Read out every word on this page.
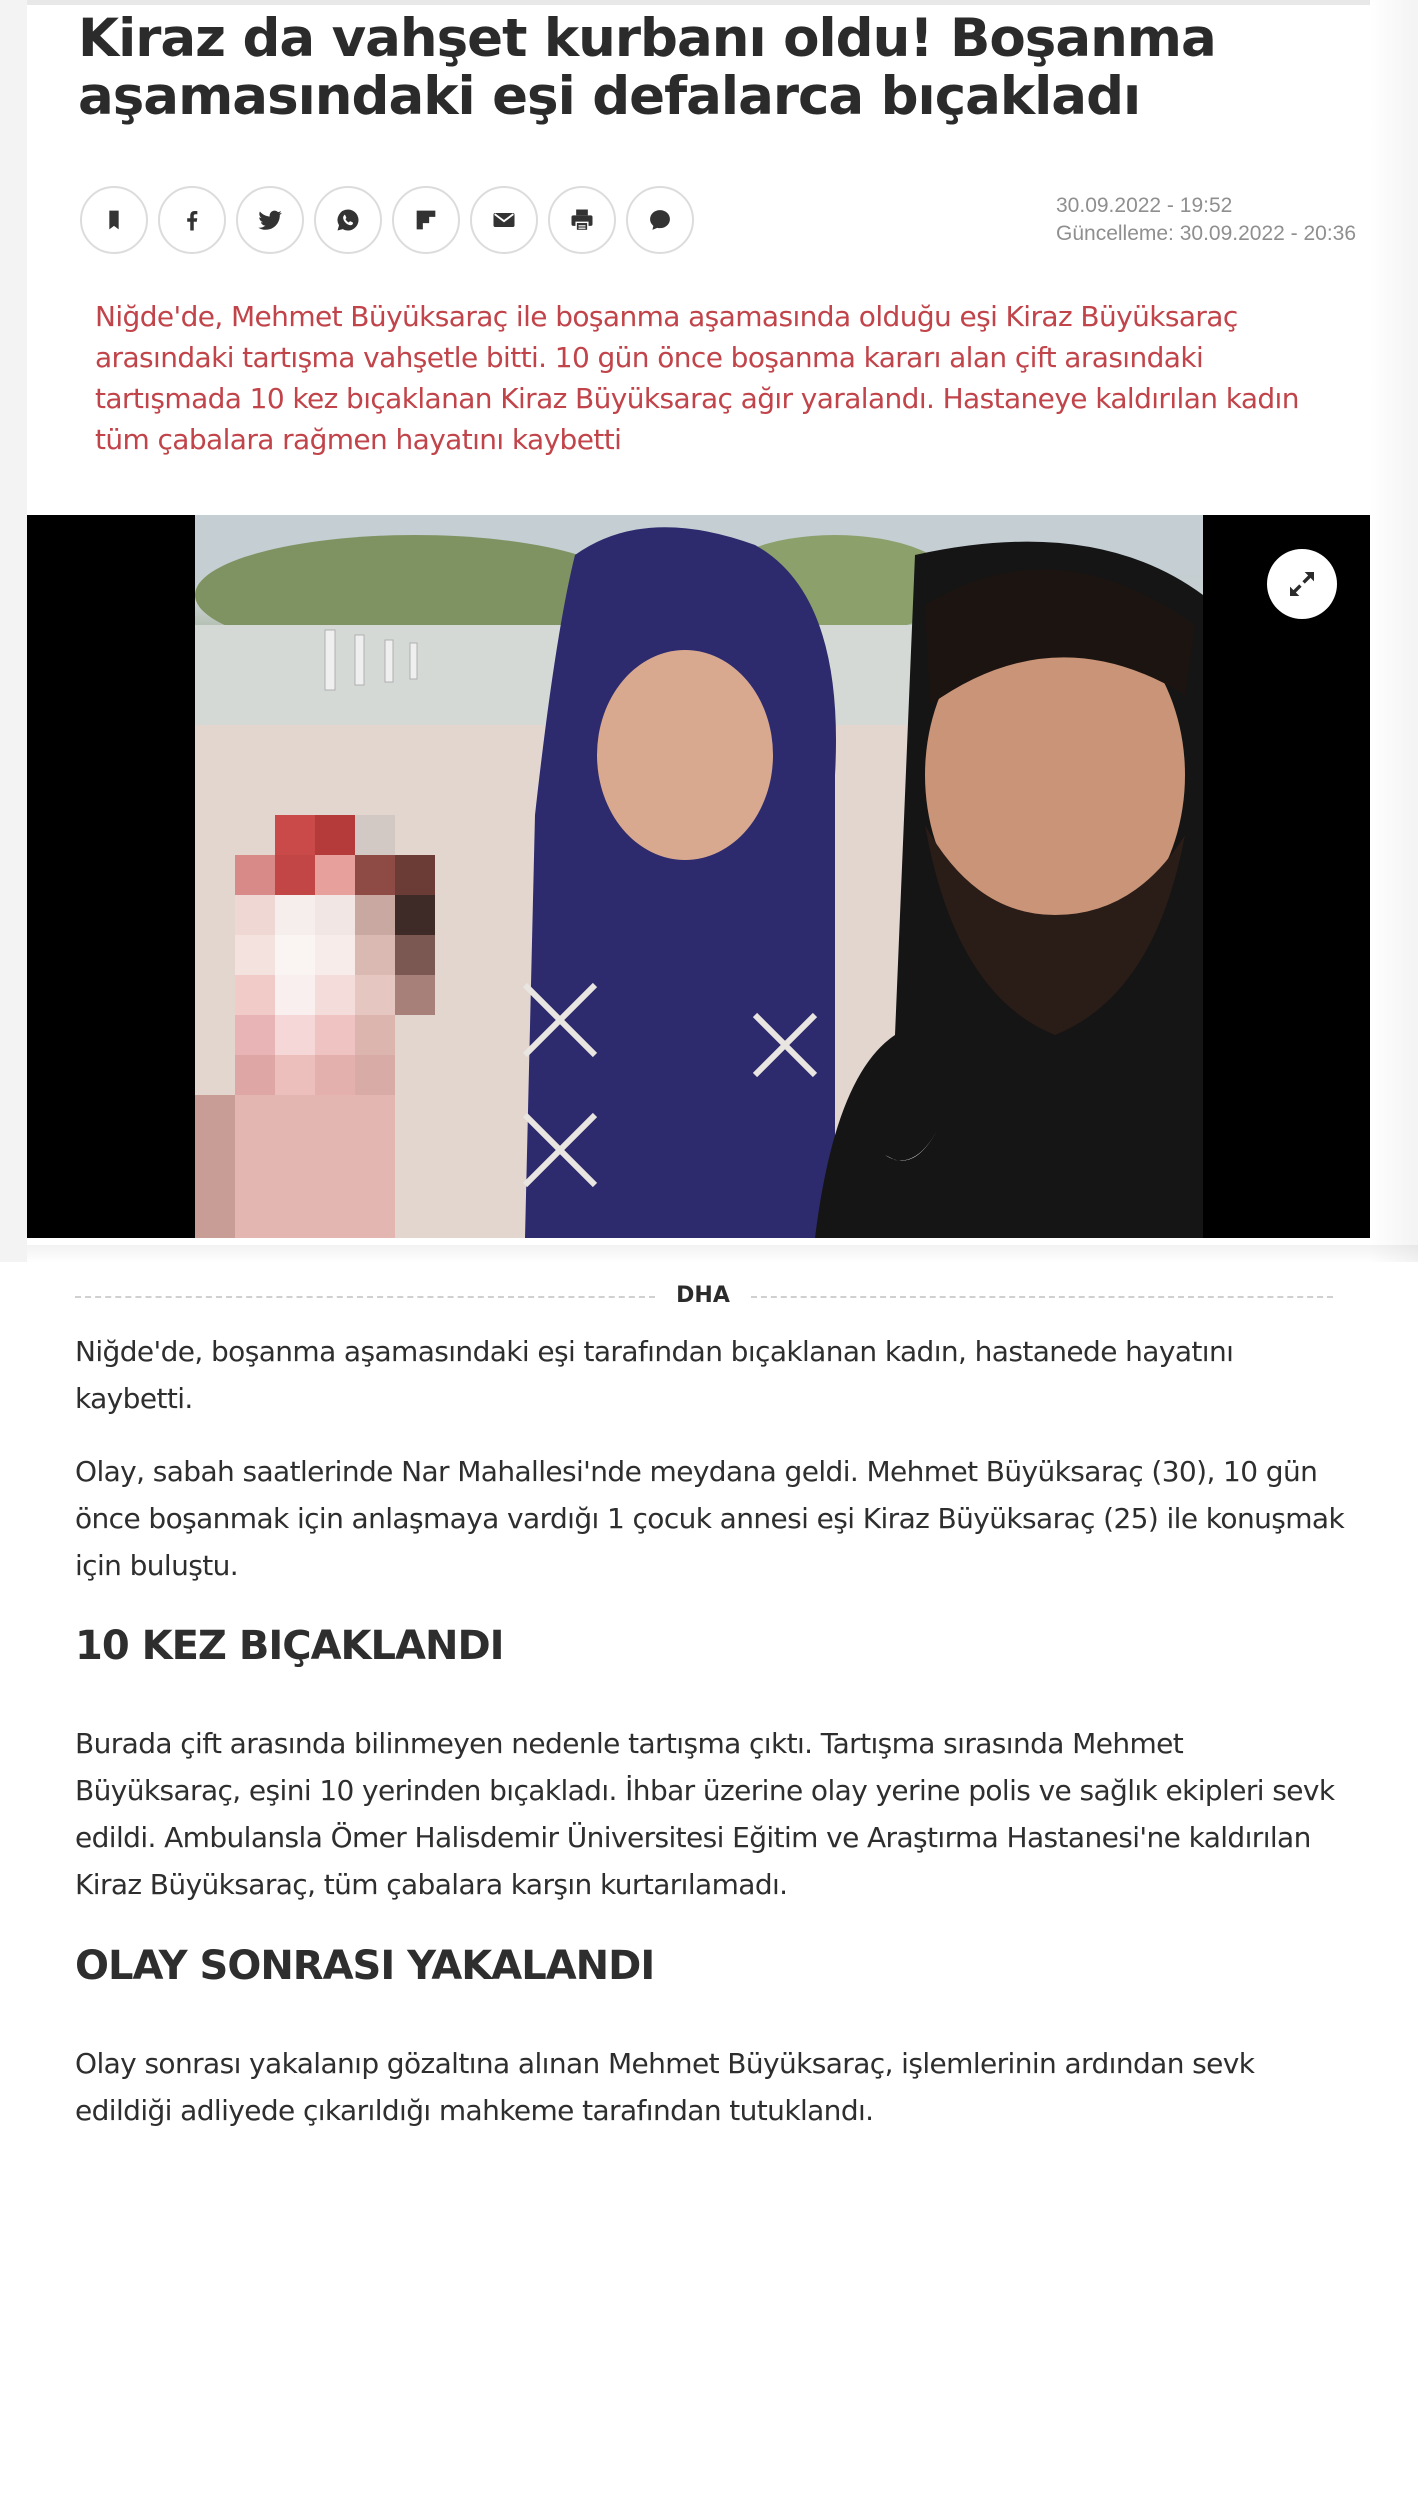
Kiraz da vahşet kurbanı oldu! Boşanma aşamasındaki eşi defalarca bıçakladı
30.09.2022 - 19:52
Güncelleme: 30.09.2022 - 20:36

Niğde'de, Mehmet Büyüksaraç ile boşanma aşamasında olduğu eşi Kiraz Büyüksaraç arasındaki tartışma vahşetle bitti. 10 gün önce boşanma kararı alan çift arasındaki tartışmada 10 kez bıçaklanan Kiraz Büyüksaraç ağır yaralandı. Hastaneye kaldırılan kadın tüm çabalara rağmen hayatını kaybetti

DHA

Niğde'de, boşanma aşamasındaki eşi tarafından bıçaklanan kadın, hastanede hayatını kaybetti.

Olay, sabah saatlerinde Nar Mahallesi'nde meydana geldi. Mehmet Büyüksaraç (30), 10 gün önce boşanmak için anlaşmaya vardığı 1 çocuk annesi eşi Kiraz Büyüksaraç (25) ile konuşmak için buluştu.

10 KEZ BIÇAKLANDI

Burada çift arasında bilinmeyen nedenle tartışma çıktı. Tartışma sırasında Mehmet Büyüksaraç, eşini 10 yerinden bıçakladı. İhbar üzerine olay yerine polis ve sağlık ekipleri sevk edildi. Ambulansla Ömer Halisdemir Üniversitesi Eğitim ve Araştırma Hastanesi'ne kaldırılan Kiraz Büyüksaraç, tüm çabalara karşın kurtarılamadı.

OLAY SONRASI YAKALANDI

Olay sonrası yakalanıp gözaltına alınan Mehmet Büyüksaraç, işlemlerinin ardından sevk edildiği adliyede çıkarıldığı mahkeme tarafından tutuklandı.
